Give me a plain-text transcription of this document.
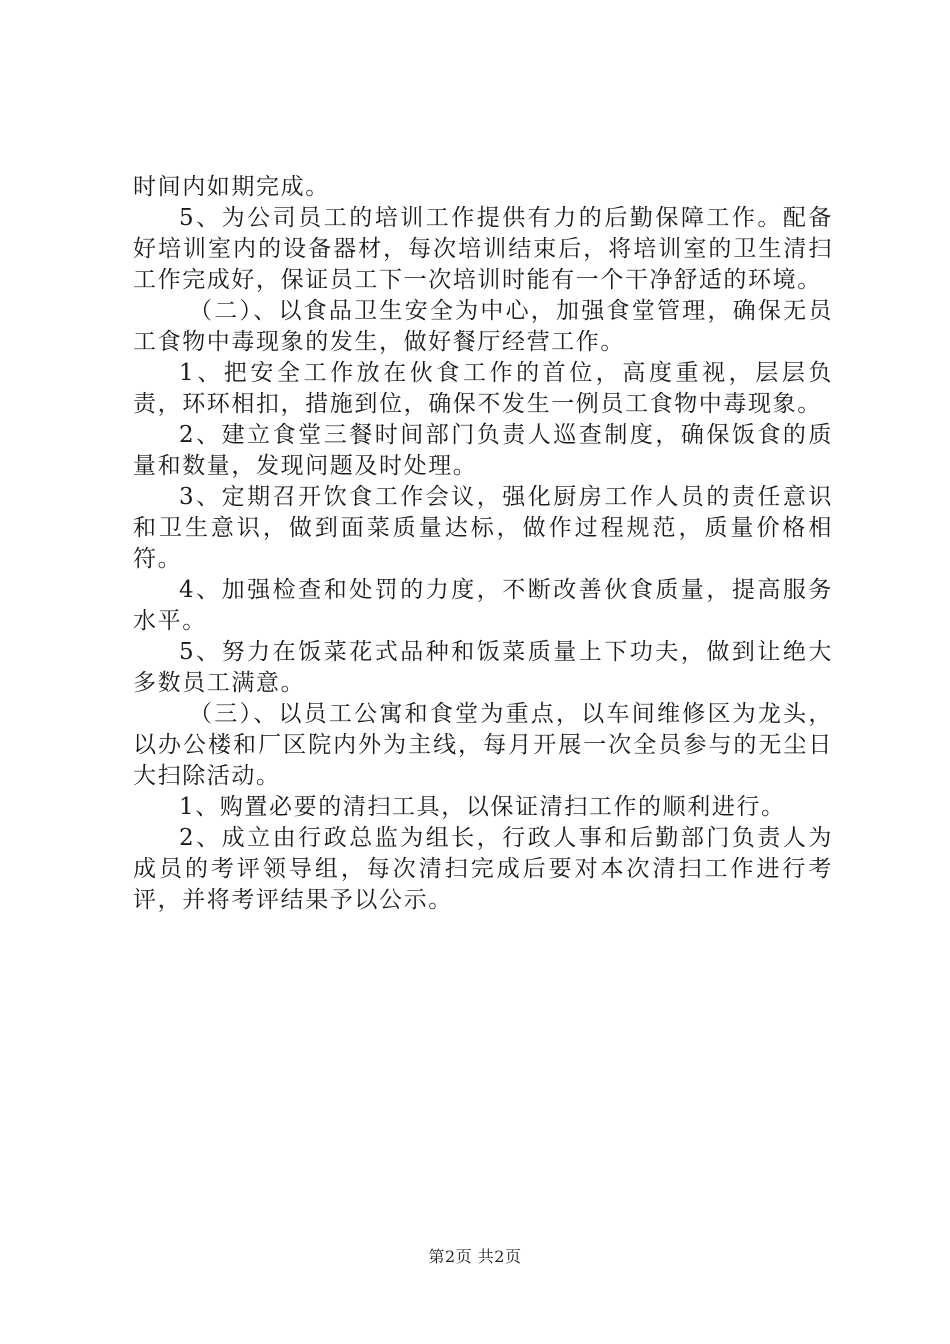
时间内如期完成。

5、为公司员工的培训工作提供有力的后勤保障工作。配备好培训室内的设备器材，每次培训结束后，将培训室的卫生清扫工作完成好，保证员工下一次培训时能有一个干净舒适的环境。

（二）、以食品卫生安全为中心，加强食堂管理，确保无员工食物中毒现象的发生，做好餐厅经营工作。

1、把安全工作放在伙食工作的首位，高度重视，层层负责，环环相扣，措施到位，确保不发生一例员工食物中毒现象。

2、建立食堂三餐时间部门负责人巡查制度，确保饭食的质量和数量，发现问题及时处理。

3、定期召开饮食工作会议，强化厨房工作人员的责任意识和卫生意识，做到面菜质量达标，做作过程规范，质量价格相符。

4、加强检查和处罚的力度，不断改善伙食质量，提高服务水平。

5、努力在饭菜花式品种和饭菜质量上下功夫，做到让绝大多数员工满意。

（三）、以员工公寓和食堂为重点，以车间维修区为龙头，以办公楼和厂区院内外为主线，每月开展一次全员参与的无尘日大扫除活动。

1、购置必要的清扫工具，以保证清扫工作的顺利进行。

2、成立由行政总监为组长，行政人事和后勤部门负责人为成员的考评领导组，每次清扫完成后要对本次清扫工作进行考评，并将考评结果予以公示。

第2页 共2页
